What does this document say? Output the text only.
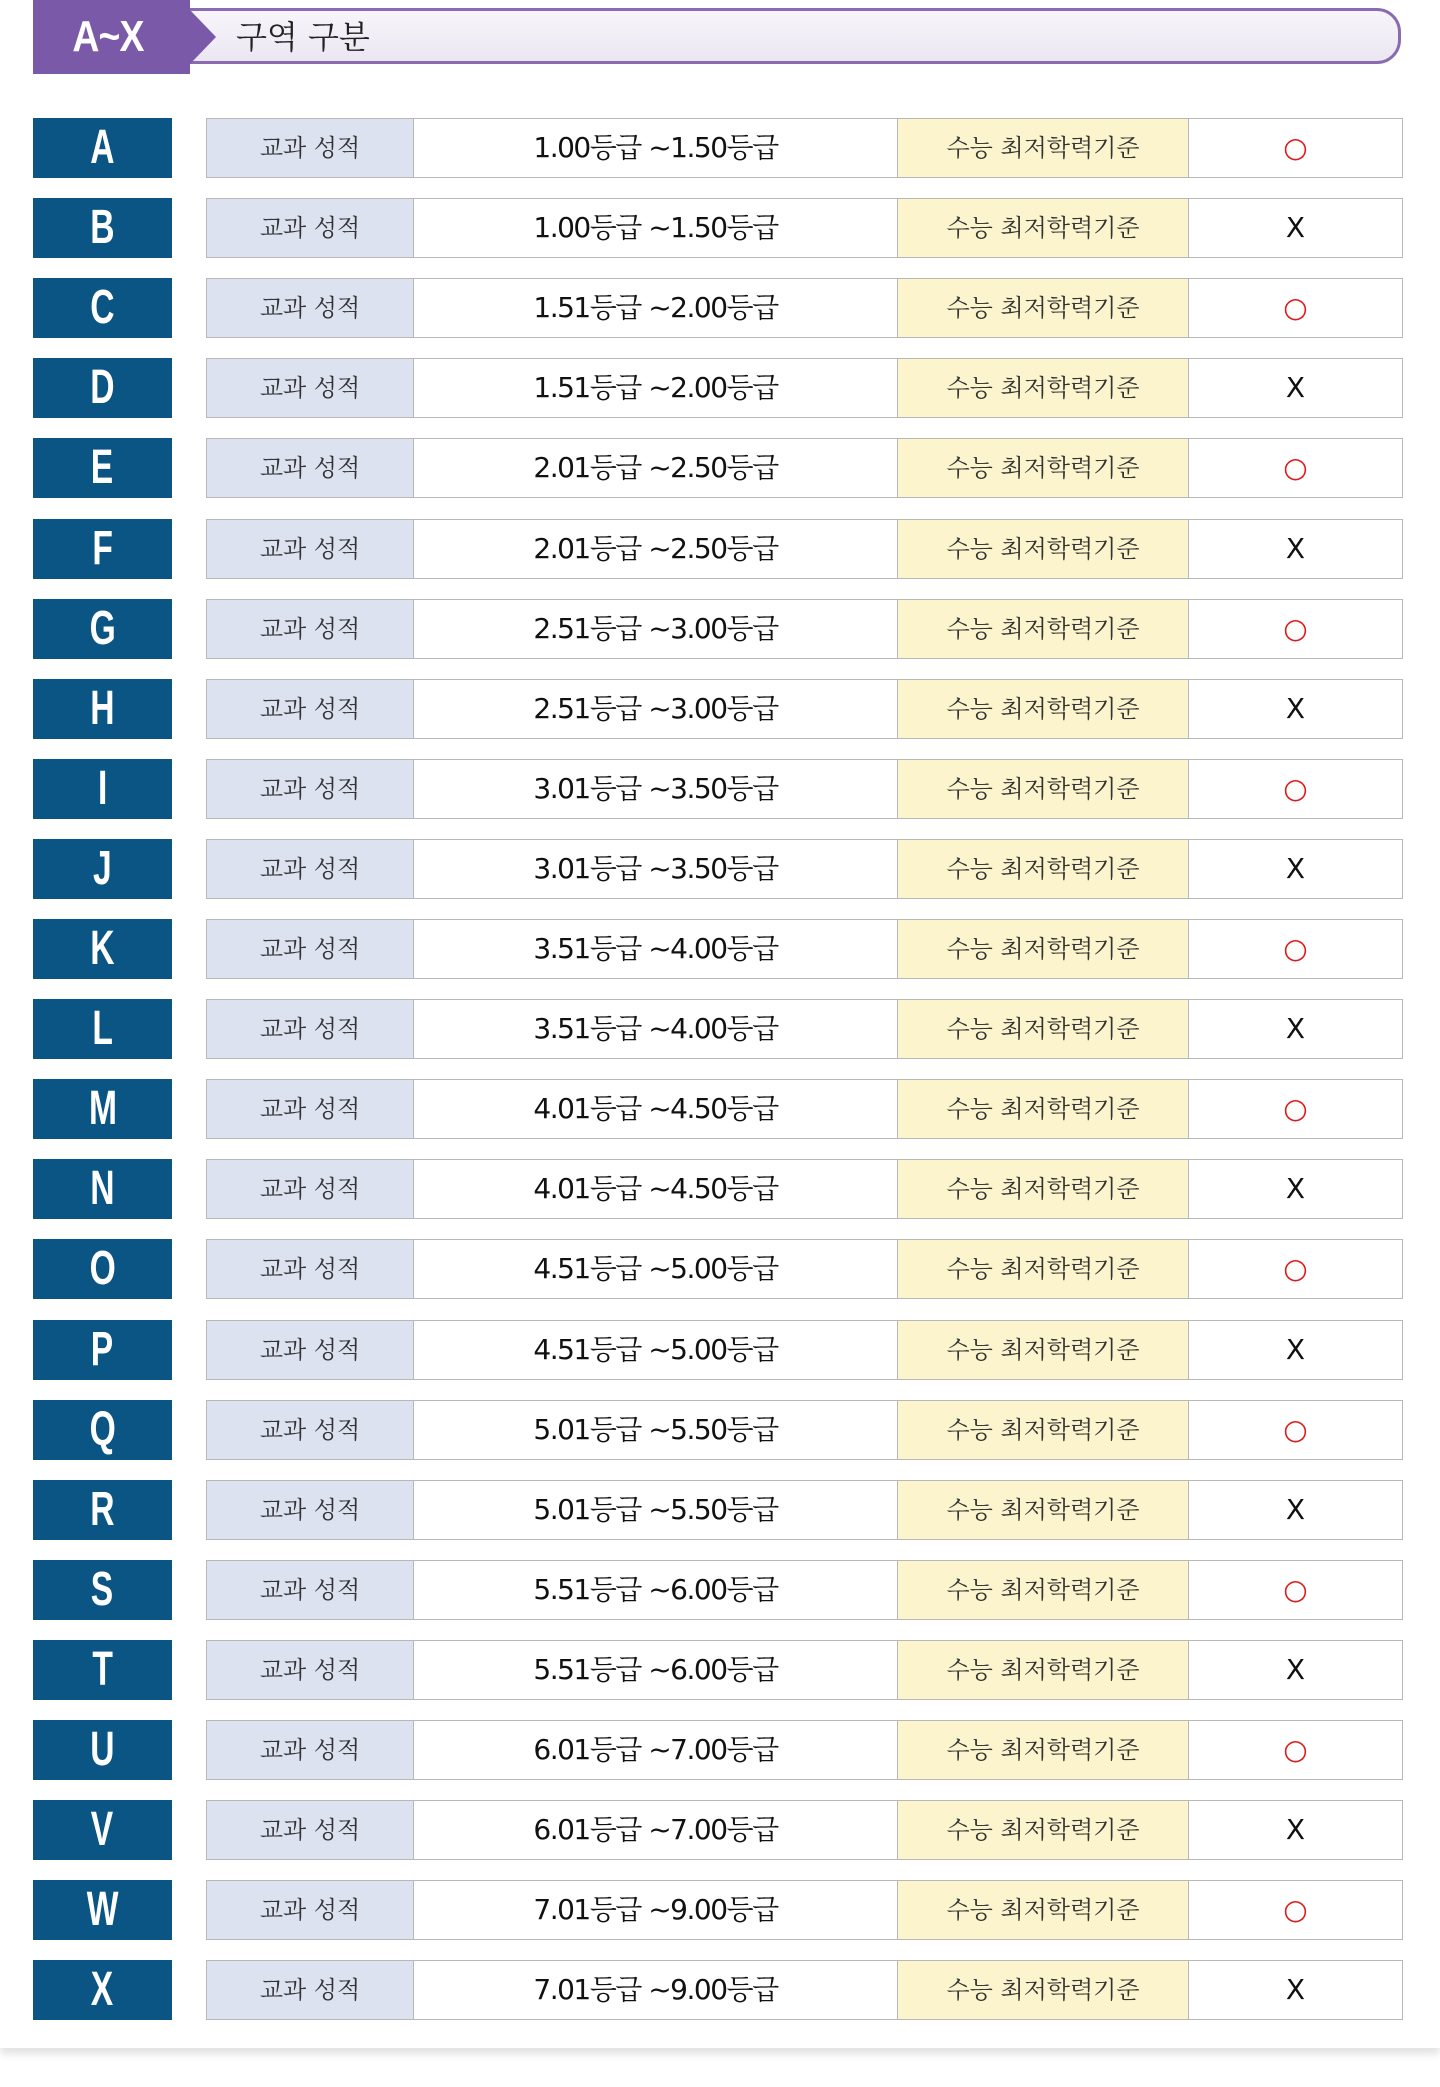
A~X	구역 구분
A	교과 성적	1.00등급 ~1.50등급	수능 최저학력기준	○
B	교과 성적	1.00등급 ~1.50등급	수능 최저학력기준	X
C	교과 성적	1.51등급 ~2.00등급	수능 최저학력기준	○
D	교과 성적	1.51등급 ~2.00등급	수능 최저학력기준	X
E	교과 성적	2.01등급 ~2.50등급	수능 최저학력기준	○
F	교과 성적	2.01등급 ~2.50등급	수능 최저학력기준	X
G	교과 성적	2.51등급 ~3.00등급	수능 최저학력기준	○
H	교과 성적	2.51등급 ~3.00등급	수능 최저학력기준	X
I	교과 성적	3.01등급 ~3.50등급	수능 최저학력기준	○
J	교과 성적	3.01등급 ~3.50등급	수능 최저학력기준	X
K	교과 성적	3.51등급 ~4.00등급	수능 최저학력기준	○
L	교과 성적	3.51등급 ~4.00등급	수능 최저학력기준	X
M	교과 성적	4.01등급 ~4.50등급	수능 최저학력기준	○
N	교과 성적	4.01등급 ~4.50등급	수능 최저학력기준	X
O	교과 성적	4.51등급 ~5.00등급	수능 최저학력기준	○
P	교과 성적	4.51등급 ~5.00등급	수능 최저학력기준	X
Q	교과 성적	5.01등급 ~5.50등급	수능 최저학력기준	○
R	교과 성적	5.01등급 ~5.50등급	수능 최저학력기준	X
S	교과 성적	5.51등급 ~6.00등급	수능 최저학력기준	○
T	교과 성적	5.51등급 ~6.00등급	수능 최저학력기준	X
U	교과 성적	6.01등급 ~7.00등급	수능 최저학력기준	○
V	교과 성적	6.01등급 ~7.00등급	수능 최저학력기준	X
W	교과 성적	7.01등급 ~9.00등급	수능 최저학력기준	○
X	교과 성적	7.01등급 ~9.00등급	수능 최저학력기준	X
